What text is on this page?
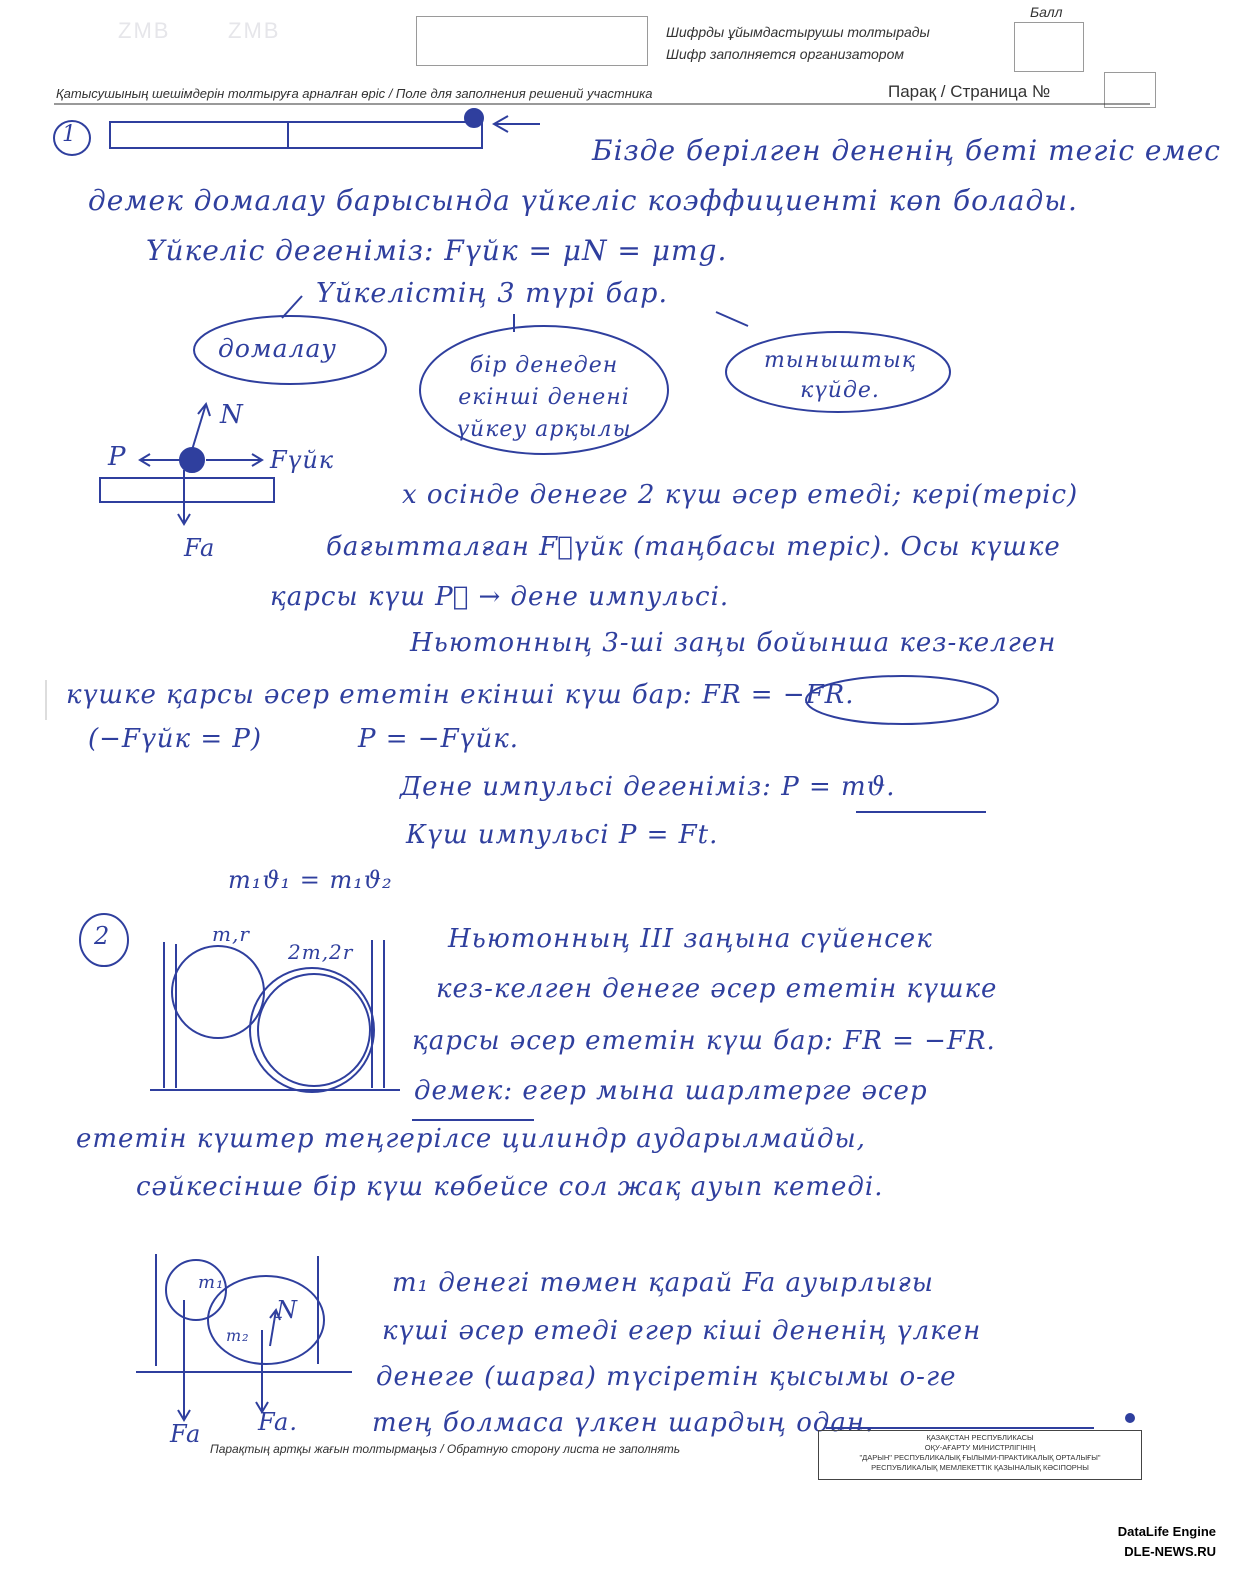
ZMB	ZMB	Шифрды ұйымдастырушы толтырады
Шифр заполняется организатором
Балл
Қатысушының шешімдерін толтыруға арналған өріс / Поле для заполнения решений участника	Парақ / Страница №
1	Бізде берілген дененің беті тегіс емес
демек домалау барысында үйкеліс коэффициенті көп болады.
Үйкеліс дегеніміз: Fүйк = μN = μmg.
Үйкелістің 3 түрі бар.
домалау
бір денеден екінші денені үйкеу арқылы
тыныштық күйде.
P
N
Fүйк
Fa
x осінде денеге 2 күш әсер етеді; кері(теріс)
бағытталған F⃗үйк (таңбасы теріс). Осы күшке
қарсы күш P⃗ → дене импульсі.
Ньютонның 3-ші заңы бойынша кез-келген
күшке қарсы әсер ететін екінші күш бар: FR = −FR.
(−Fүйк = P)	P = −Fүйк.
Дене импульсі дегеніміз: P = mϑ.
Күш импульсі P = Ft.
m₁ϑ₁ = m₁ϑ₂
2	m,r
2m,2r	Ньютонның III заңына сүйенсек
кез-келген денеге әсер ететін күшке
қарсы әсер ететін күш бар: FR = −FR.
демек: егер мына шарлтерге әсер
ететін күштер теңгерілсе цилиндр аударылмайды,
сәйкесінше бір күш көбейсе сол жақ ауып кетеді.
m₁
m₂
N
Fa Fa.
m₁ денегі төмен қарай Fa ауырлығы
күші әсер етеді егер кіші дененің үлкен
денеге (шарға) түсіретін қысымы о-ге
тең болмаса үлкен шардың одан.
Парақтың артқы жағын толтырмаңыз / Обратную сторону листа не заполнять
ҚАЗАҚСТАН РЕСПУБЛИКАСЫ
ОҚУ-АҒАРТУ МИНИСТРЛІГІНІҢ
"ДАРЫН" РЕСПУБЛИКАЛЫҚ ҒЫЛЫМИ-ПРАКТИКАЛЫҚ ОРТАЛЫҒЫ"
РЕСПУБЛИКАЛЫҚ МЕМЛЕКЕТТІК ҚАЗЫНАЛЫҚ КӘСІПОРНЫ
DataLife Engine
DLE-NEWS.RU
